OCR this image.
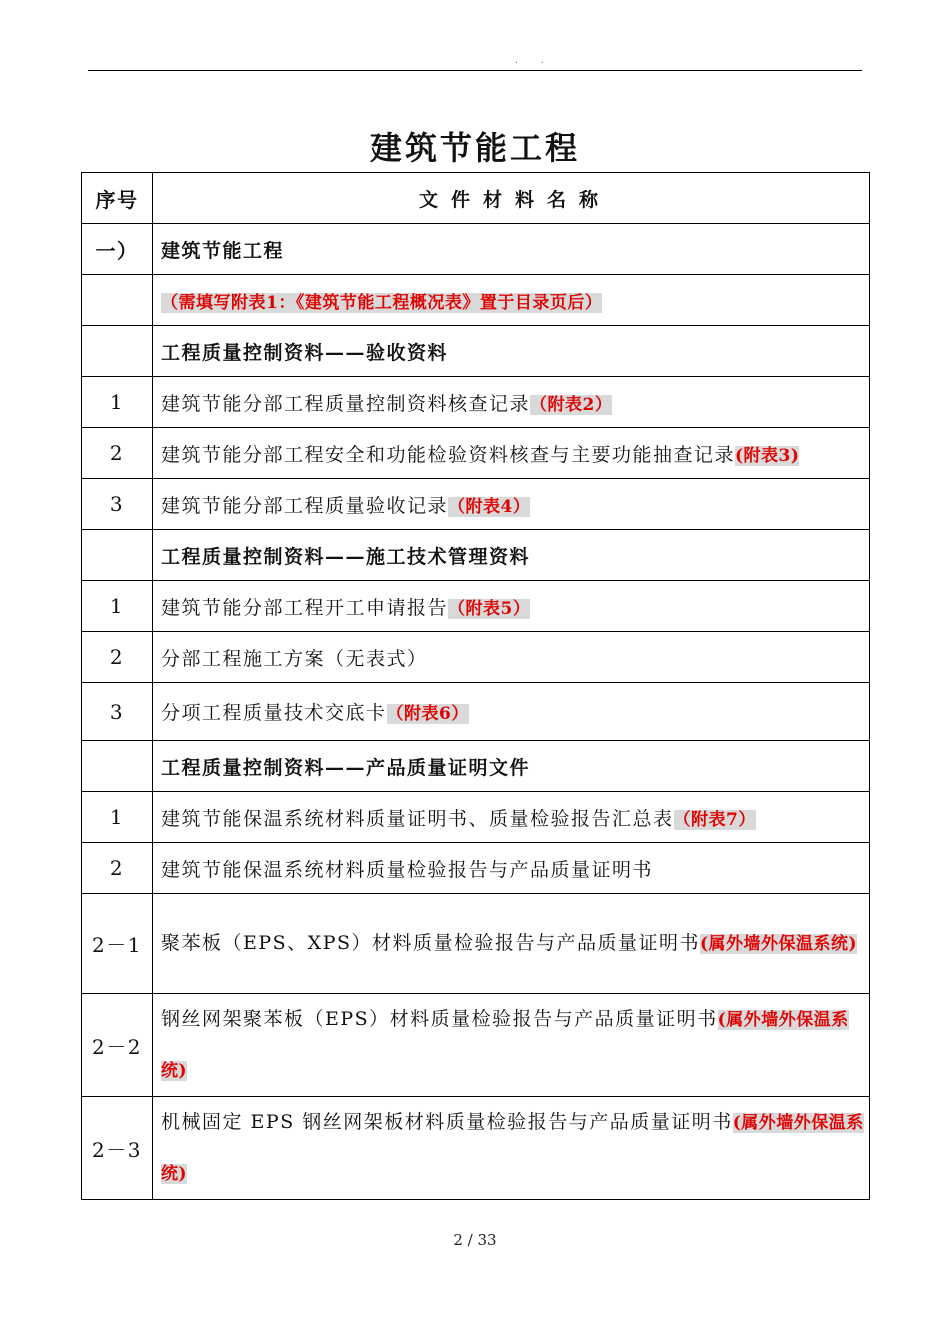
. .
建筑节能工程
序号	文件材料名称
一）	建筑节能工程
	（需填写附表1：《建筑节能工程概况表》置于目录页后）
	工程质量控制资料——验收资料
1	建筑节能分部工程质量控制资料核查记录（附表2）
2	建筑节能分部工程安全和功能检验资料核查与主要功能抽查记录(附表3)
3	建筑节能分部工程质量验收记录（附表4）
	工程质量控制资料——施工技术管理资料
1	建筑节能分部工程开工申请报告（附表5）
2	分部工程施工方案（无表式）
3	分项工程质量技术交底卡（附表6）
	工程质量控制资料——产品质量证明文件
1	建筑节能保温系统材料质量证明书、质量检验报告汇总表（附表7）
2	建筑节能保温系统材料质量检验报告与产品质量证明书
2－1	聚苯板（EPS、XPS）材料质量检验报告与产品质量证明书(属外墙外保温系统)
2－2	钢丝网架聚苯板（EPS）材料质量检验报告与产品质量证明书(属外墙外保温系统)
2－3	机械固定 EPS 钢丝网架板材料质量检验报告与产品质量证明书(属外墙外保温系统)
2 / 33
